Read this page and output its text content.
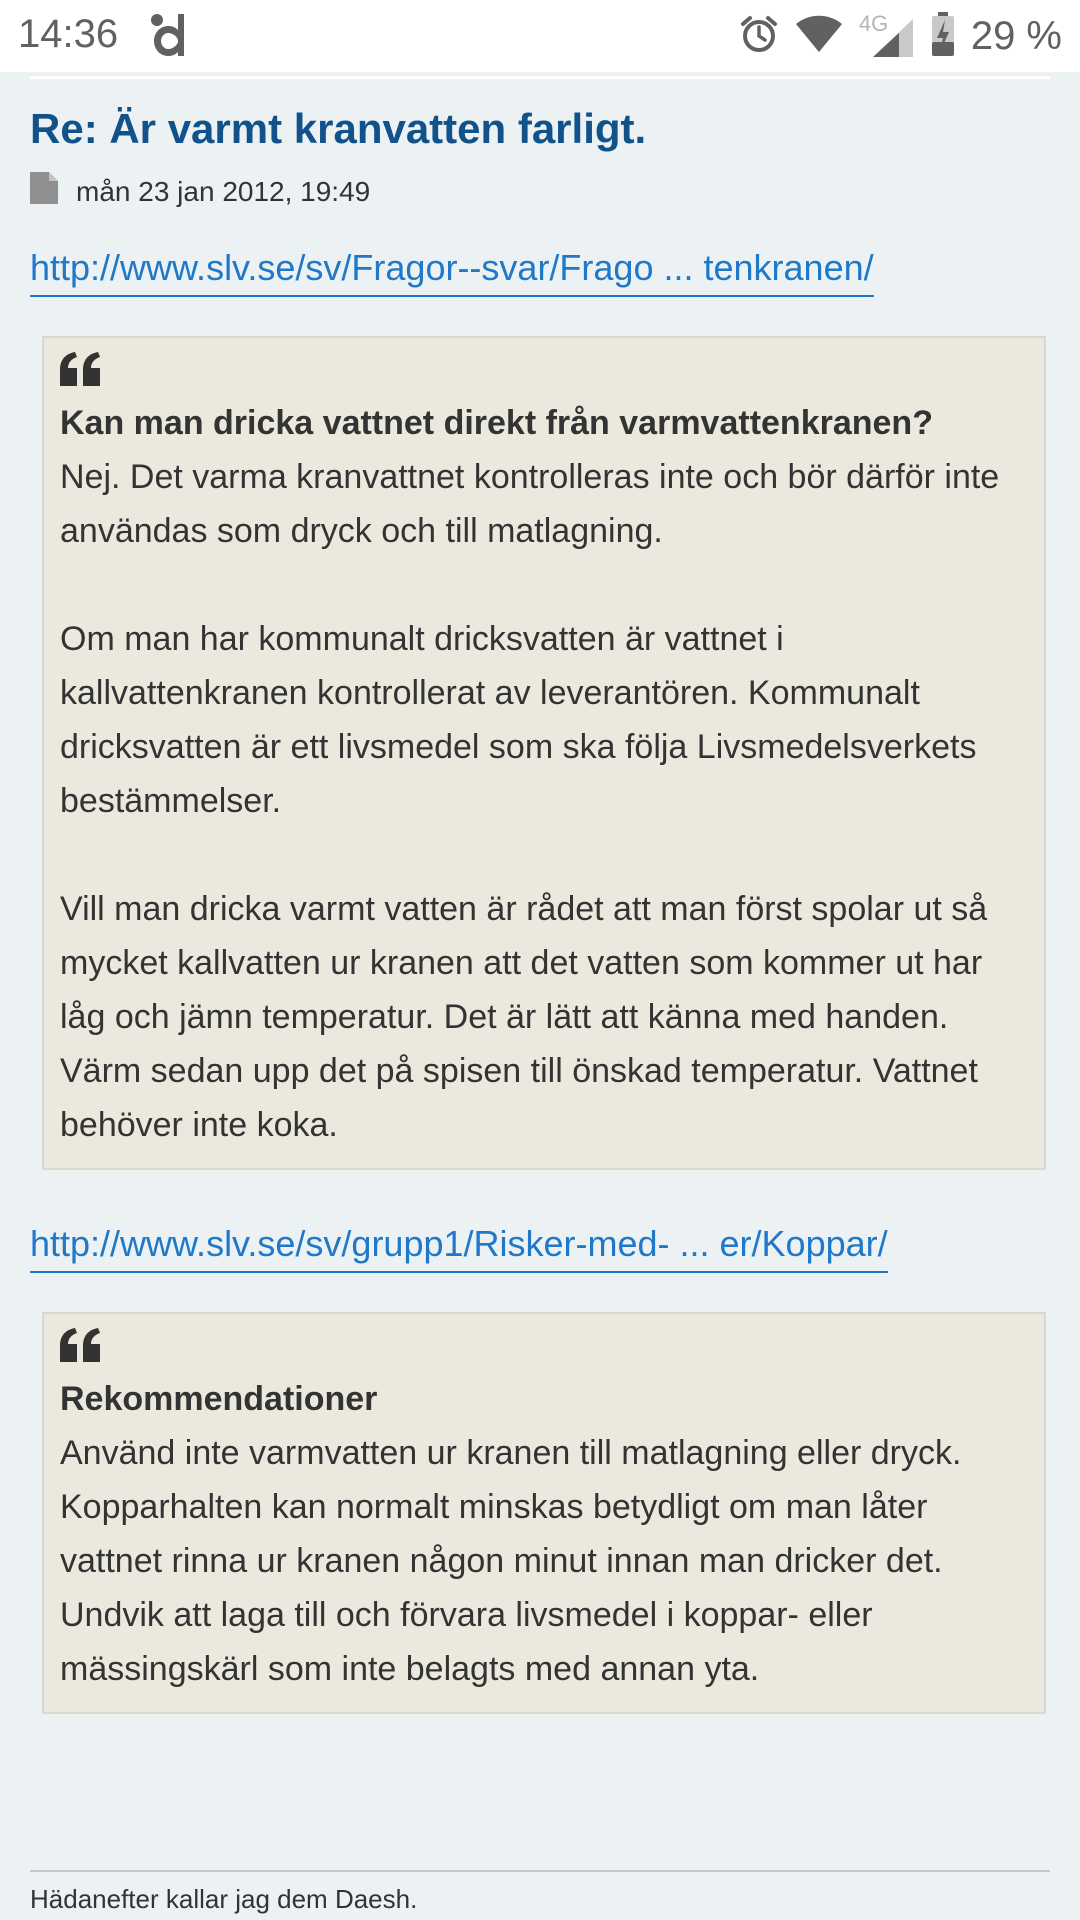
14:36	4G 29 %
Re: Är varmt kranvatten farligt.
mån 23 jan 2012, 19:49
http://www.slv.se/sv/Fragor--svar/Frago ... tenkranen/
Kan man dricka vattnet direkt från varmvattenkranen?

Nej. Det varma kranvattnet kontrolleras inte och bör därför inte användas som dryck och till matlagning.

Om man har kommunalt dricksvatten är vattnet i kallvattenkranen kontrollerat av leverantören. Kommunalt dricksvatten är ett livsmedel som ska följa Livsmedelsverkets bestämmelser.

Vill man dricka varmt vatten är rådet att man först spolar ut så mycket kallvatten ur kranen att det vatten som kommer ut har låg och jämn temperatur. Det är lätt att känna med handen. Värm sedan upp det på spisen till önskad temperatur. Vattnet behöver inte koka.

http://www.slv.se/sv/grupp1/Risker-med- ... er/Koppar/
Rekommendationer

Använd inte varmvatten ur kranen till matlagning eller dryck. Kopparhalten kan normalt minskas betydligt om man låter vattnet rinna ur kranen någon minut innan man dricker det. Undvik att laga till och förvara livsmedel i koppar- eller mässingskärl som inte belagts med annan yta.

Hädanefter kallar jag dem Daesh.
